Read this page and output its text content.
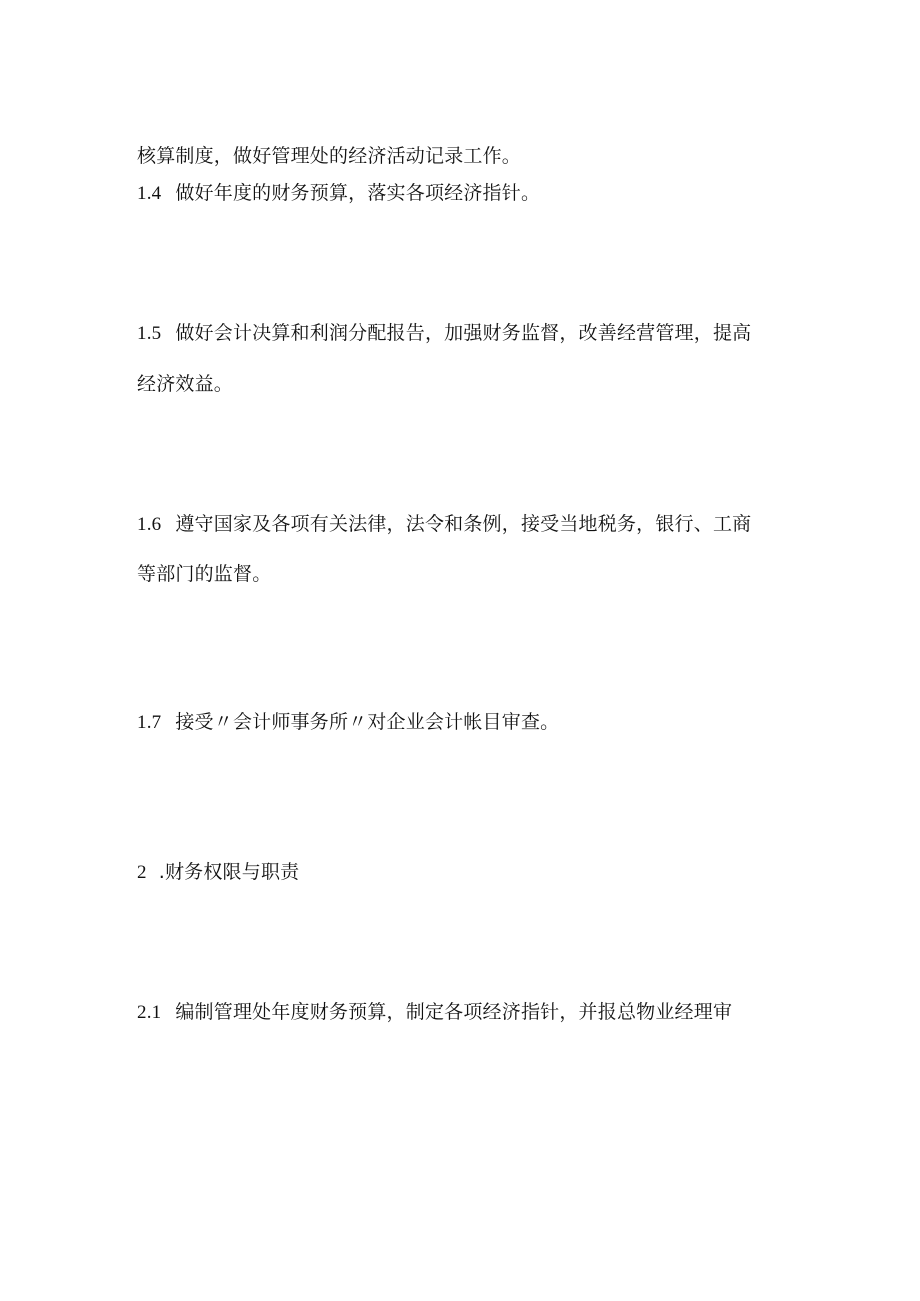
核算制度，做好管理处的经济活动记录工作。
1.4 做好年度的财务预算，落实各项经济指针。
1.5 做好会计决算和利润分配报告，加强财务监督，改善经营管理，提高
经济效益。
1.6 遵守国家及各项有关法律，法令和条例，接受当地税务，银行、工商
等部门的监督。
1.7 接受〃会计师事务所〃对企业会计帐目审查。
2 .财务权限与职责
2.1 编制管理处年度财务预算，制定各项经济指针，并报总物业经理审
